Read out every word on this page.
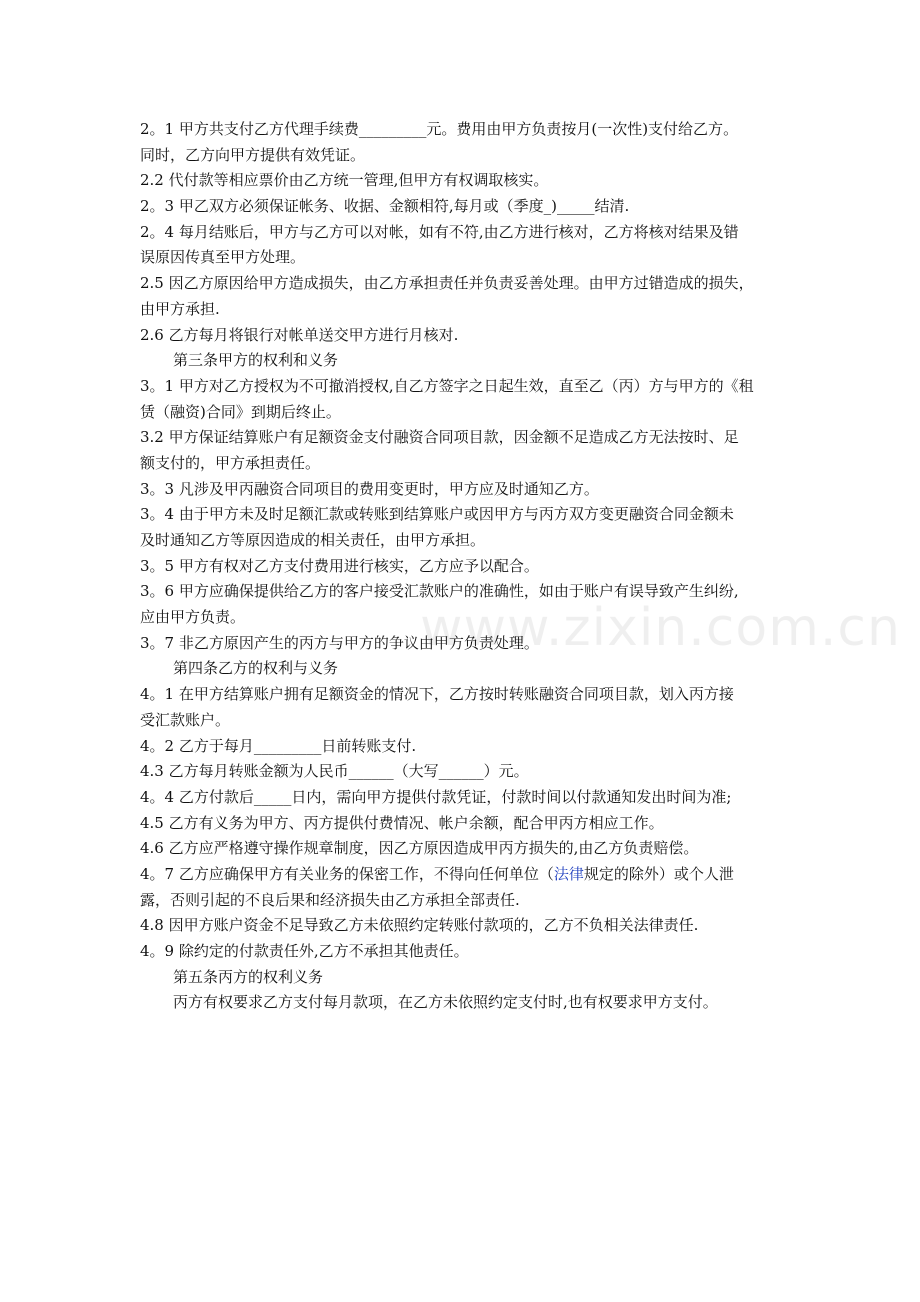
www.zixin.com.cn
2。1 甲方共支付乙方代理手续费_________元。费用由甲方负责按月(一次性)支付给乙方。
同时，乙方向甲方提供有效凭证。
2.2 代付款等相应票价由乙方统一管理,但甲方有权调取核实。
2。3 甲乙双方必须保证帐务、收据、金额相符,每月或（季度_)_____结清.
2。4 每月结账后，甲方与乙方可以对帐，如有不符,由乙方进行核对，乙方将核对结果及错
误原因传真至甲方处理。
2.5 因乙方原因给甲方造成损失，由乙方承担责任并负责妥善处理。由甲方过错造成的损失，
由甲方承担.
2.6 乙方每月将银行对帐单送交甲方进行月核对.
第三条甲方的权利和义务
3。1 甲方对乙方授权为不可撤消授权,自乙方签字之日起生效，直至乙（丙）方与甲方的《租
赁（融资)合同》到期后终止。
3.2 甲方保证结算账户有足额资金支付融资合同项目款，因金额不足造成乙方无法按时、足
额支付的，甲方承担责任。
3。3 凡涉及甲丙融资合同项目的费用变更时，甲方应及时通知乙方。
3。4 由于甲方未及时足额汇款或转账到结算账户或因甲方与丙方双方变更融资合同金额未
及时通知乙方等原因造成的相关责任，由甲方承担。
3。5 甲方有权对乙方支付费用进行核实，乙方应予以配合。
3。6 甲方应确保提供给乙方的客户接受汇款账户的准确性，如由于账户有误导致产生纠纷,
应由甲方负责。
3。7 非乙方原因产生的丙方与甲方的争议由甲方负责处理。
第四条乙方的权利与义务
4。1 在甲方结算账户拥有足额资金的情况下，乙方按时转账融资合同项目款，划入丙方接
受汇款账户。
4。2 乙方于每月_________日前转账支付.
4.3 乙方每月转账金额为人民币______（大写______）元。
4。4 乙方付款后_____日内，需向甲方提供付款凭证，付款时间以付款通知发出时间为准;
4.5 乙方有义务为甲方、丙方提供付费情况、帐户余额，配合甲丙方相应工作。
4.6 乙方应严格遵守操作规章制度，因乙方原因造成甲丙方损失的,由乙方负责赔偿。
4。7 乙方应确保甲方有关业务的保密工作，不得向任何单位（法律规定的除外）或个人泄
露，否则引起的不良后果和经济损失由乙方承担全部责任.
4.8 因甲方账户资金不足导致乙方未依照约定转账付款项的，乙方不负相关法律责任.
4。9 除约定的付款责任外,乙方不承担其他责任。
第五条丙方的权利义务
丙方有权要求乙方支付每月款项，在乙方未依照约定支付时,也有权要求甲方支付。
